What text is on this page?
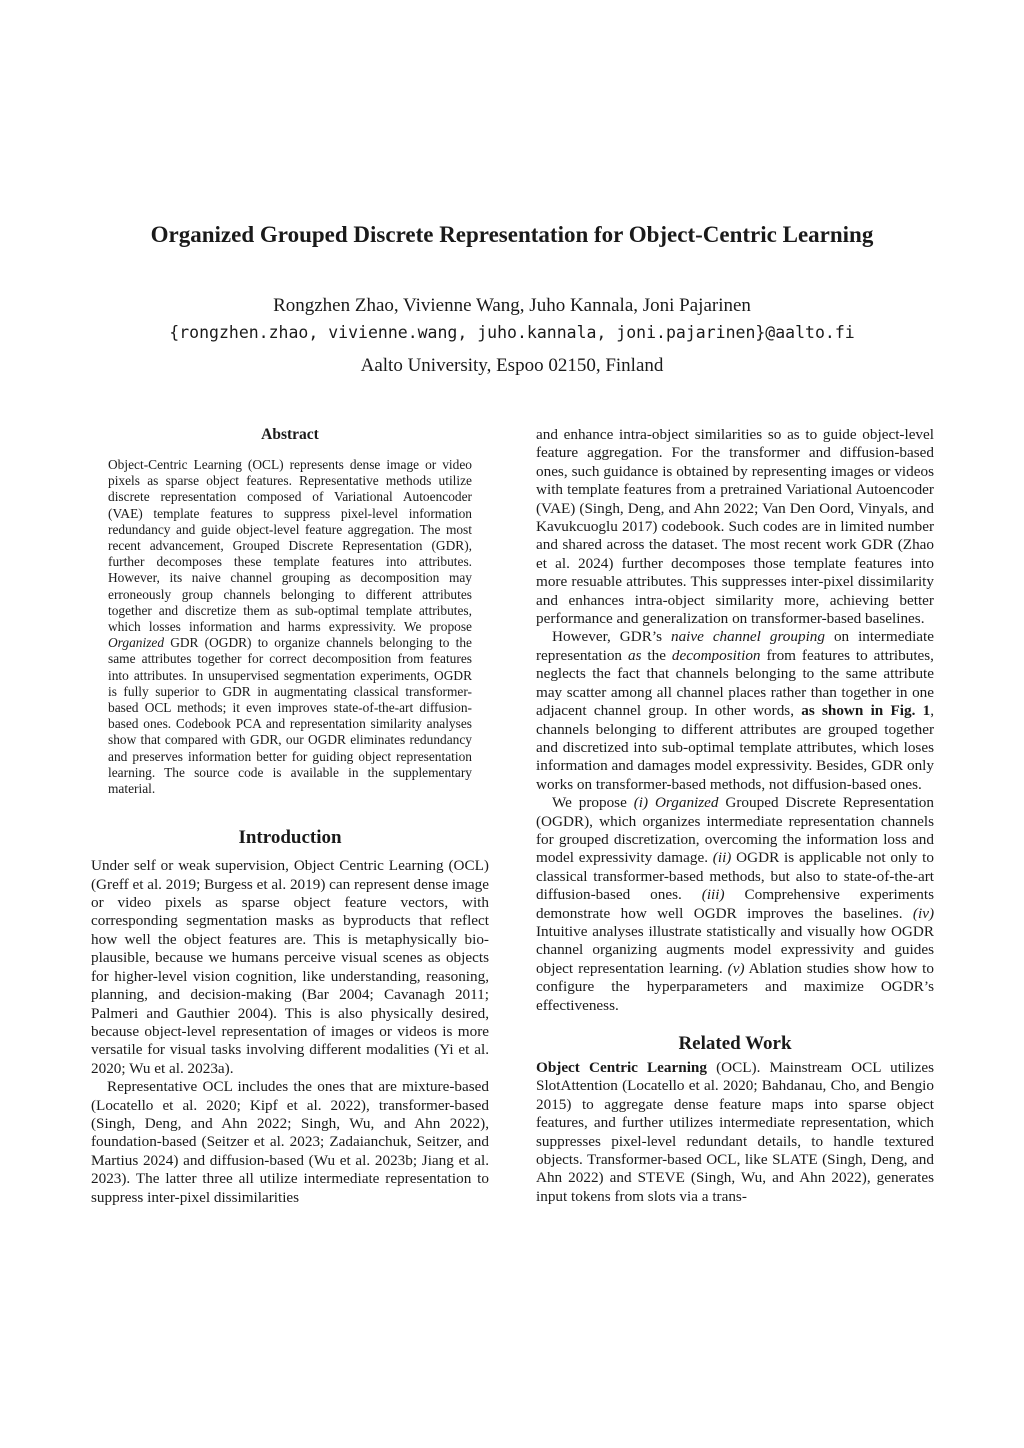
Organized Grouped Discrete Representation for Object-Centric Learning
Rongzhen Zhao, Vivienne Wang, Juho Kannala, Joni Pajarinen
{rongzhen.zhao, vivienne.wang, juho.kannala, joni.pajarinen}@aalto.fi
Aalto University, Espoo 02150, Finland
Abstract
Object-Centric Learning (OCL) represents dense image or video pixels as sparse object features. Representative methods utilize discrete representation composed of Variational Autoencoder (VAE) template features to suppress pixel-level information redundancy and guide object-level feature aggregation. The most recent advancement, Grouped Discrete Representation (GDR), further decomposes these template features into attributes. However, its naive channel grouping as decomposition may erroneously group channels belonging to different attributes together and discretize them as sub-optimal template attributes, which losses information and harms expressivity. We propose Organized GDR (OGDR) to organize channels belonging to the same attributes together for correct decomposition from features into attributes. In unsupervised segmentation experiments, OGDR is fully superior to GDR in augmentating classical transformer-based OCL methods; it even improves state-of-the-art diffusion-based ones. Codebook PCA and representation similarity analyses show that compared with GDR, our OGDR eliminates redundancy and preserves information better for guiding object representation learning. The source code is available in the supplementary material.
Introduction

Under self or weak supervision, Object Centric Learning (OCL) (Greff et al. 2019; Burgess et al. 2019) can represent dense image or video pixels as sparse object feature vectors, with corresponding segmentation masks as byproducts that reflect how well the object features are. This is metaphysically bio-plausible, because we humans perceive visual scenes as objects for higher-level vision cognition, like understanding, reasoning, planning, and decision-making (Bar 2004; Cavanagh 2011; Palmeri and Gauthier 2004). This is also physically desired, because object-level representation of images or videos is more versatile for visual tasks involving different modalities (Yi et al. 2020; Wu et al. 2023a).

Representative OCL includes the ones that are mixture-based (Locatello et al. 2020; Kipf et al. 2022), transformer-based (Singh, Deng, and Ahn 2022; Singh, Wu, and Ahn 2022), foundation-based (Seitzer et al. 2023; Zadaianchuk, Seitzer, and Martius 2024) and diffusion-based (Wu et al. 2023b; Jiang et al. 2023). The latter three all utilize intermediate representation to suppress inter-pixel dissimilarities

and enhance intra-object similarities so as to guide object-level feature aggregation. For the transformer and diffusion-based ones, such guidance is obtained by representing images or videos with template features from a pretrained Variational Autoencoder (VAE) (Singh, Deng, and Ahn 2022; Van Den Oord, Vinyals, and Kavukcuoglu 2017) codebook. Such codes are in limited number and shared across the dataset. The most recent work GDR (Zhao et al. 2024) further decomposes those template features into more resuable attributes. This suppresses inter-pixel dissimilarity and enhances intra-object similarity more, achieving better performance and generalization on transformer-based baselines.

However, GDR’s naive channel grouping on intermediate representation as the decomposition from features to attributes, neglects the fact that channels belonging to the same attribute may scatter among all channel places rather than together in one adjacent channel group. In other words, as shown in Fig. 1, channels belonging to different attributes are grouped together and discretized into sub-optimal template attributes, which loses information and damages model expressivity. Besides, GDR only works on transformer-based methods, not diffusion-based ones.

We propose (i) Organized Grouped Discrete Representation (OGDR), which organizes intermediate representation channels for grouped discretization, overcoming the information loss and model expressivity damage. (ii) OGDR is applicable not only to classical transformer-based methods, but also to state-of-the-art diffusion-based ones. (iii) Comprehensive experiments demonstrate how well OGDR improves the baselines. (iv) Intuitive analyses illustrate statistically and visually how OGDR channel organizing augments model expressivity and guides object representation learning. (v) Ablation studies show how to configure the hyperparameters and maximize OGDR’s effectiveness.

Related Work

Object Centric Learning (OCL). Mainstream OCL utilizes SlotAttention (Locatello et al. 2020; Bahdanau, Cho, and Bengio 2015) to aggregate dense feature maps into sparse object features, and further utilizes intermediate representation, which suppresses pixel-level redundant details, to handle textured objects. Transformer-based OCL, like SLATE (Singh, Deng, and Ahn 2022) and STEVE (Singh, Wu, and Ahn 2022), generates input tokens from slots via a trans-
